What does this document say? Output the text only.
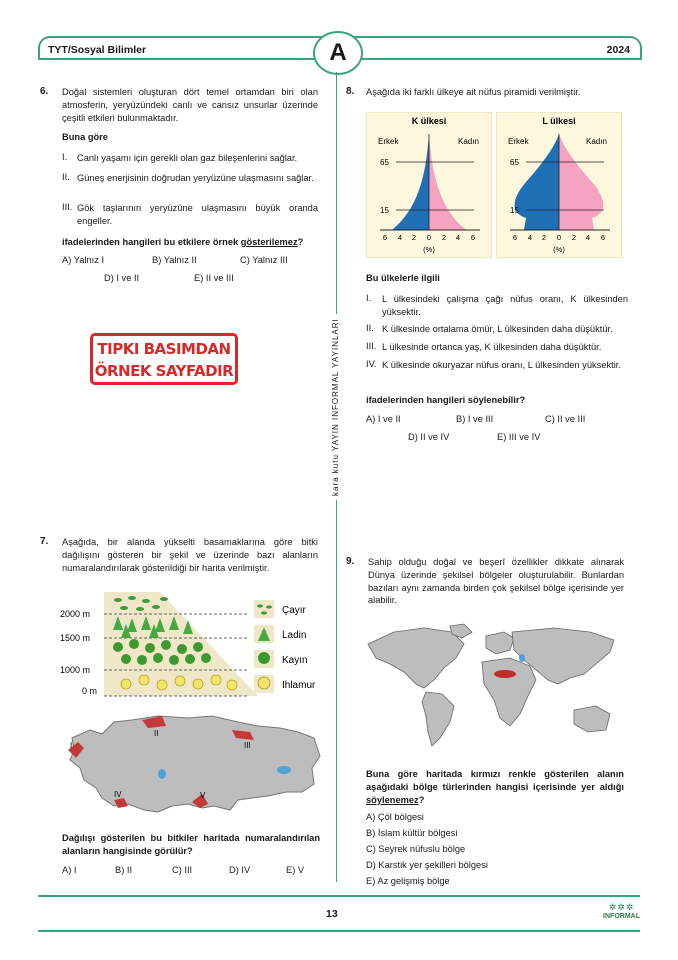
TYT/Sosyal Bilimler	A	2024
kara kutu YAYIN INFORMAL YAYINLARI
6. Doğal sistemleri oluşturan dört temel ortamdan biri olan atmosferin, yeryüzündeki canlı ve cansız unsurlar üzerinde çeşitli etkileri bulunmaktadır.
Buna göre
I. Canlı yaşamı için gerekli olan gaz bileşenlerini sağlar.
II. Güneş enerjisinin doğrudan yeryüzüne ulaşmasını sağlar.
III. Gök taşlarının yeryüzüne ulaşmasını büyük oranda engeller.
ifadelerinden hangileri bu etkilere örnek gösterilemez?
A) Yalnız I	B) Yalnız II	C) Yalnız III
D) I ve II	E) II ve III
TIPKI BASIMDAN
ÖRNEK SAYFADIR
7. Aşağıda, bir alanda yükselti basamaklarına göre bitki dağılışını gösteren bir şekil ve üzerinde bazı alanların numaralandırılarak gösterildiği bir harita verilmiştir.
2000 m
1500 m
1000 m
0 m
Çayır
Ladin
Kayın
Ihlamur
I
II
III
IV	V
Dağılışı gösterilen bu bitkiler haritada numaralandırılan alanların hangisinde görülür?
A) I	B) II	C) III	D) IV	E) V
8. Aşağıda iki farklı ülkeye ait nüfus piramidi verilmiştir.
K ülkesi
Erkek	Kadın
65
15
6 4 2 0 2 4 6
(%)
L ülkesi
Erkek	Kadın
65
15
6 4 2 0 2 4 6
(%)
Bu ülkelerle ilgili
I. L ülkesindeki çalışma çağı nüfus oranı, K ülkesinden yüksektir.
II. K ülkesinde ortalama ömür, L ülkesinden daha düşüktür.
III. L ülkesinde ortanca yaş, K ülkesinden daha düşüktür.
IV. K ülkesinde okuryazar nüfus oranı, L ülkesinden yüksektir.
ifadelerinden hangileri söylenebilir?
A) I ve II	B) I ve III	C) II ve III
D) II ve IV	E) III ve IV
9. Sahip olduğu doğal ve beşerî özellikler dikkate alınarak Dünya üzerinde şekilsel bölgeler oluşturulabilir. Bunlardan bazıları aynı zamanda birden çok şekilsel bölge içerisinde yer alabilir.
Buna göre haritada kırmızı renkle gösterilen alanın aşağıdaki bölge türlerinden hangisi içerisinde yer aldığı söylenemez?
A) Çöl bölgesi
B) İslam kültür bölgesi
C) Seyrek nüfuslu bölge
D) Karstik yer şekilleri bölgesi
E) Az gelişmiş bölge
13
✲✲✲
INFORMAL
